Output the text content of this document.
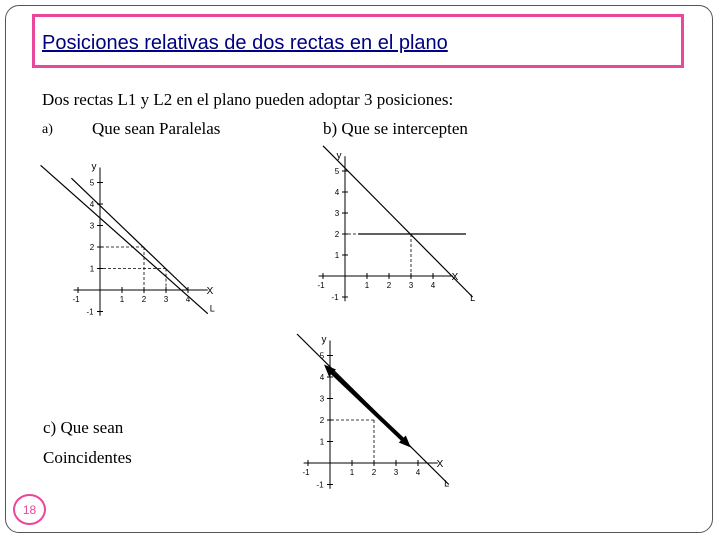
Posiciones relativas de dos rectas en el plano
Dos rectas L1 y L2 en el plano pueden adoptar 3 posiciones:
a) Que sean Paralelas	b) Que se intercepten
c) Que sean
Coincidentes
18
5
4
3
2
1
1 2 3 4
-1
-1
y
X
L
5
4
3
2
1
1 2 3 4
-1
-1
y
X
L
5
4
3
2
1
1 2 3 4
-1
-1
y
X
L
